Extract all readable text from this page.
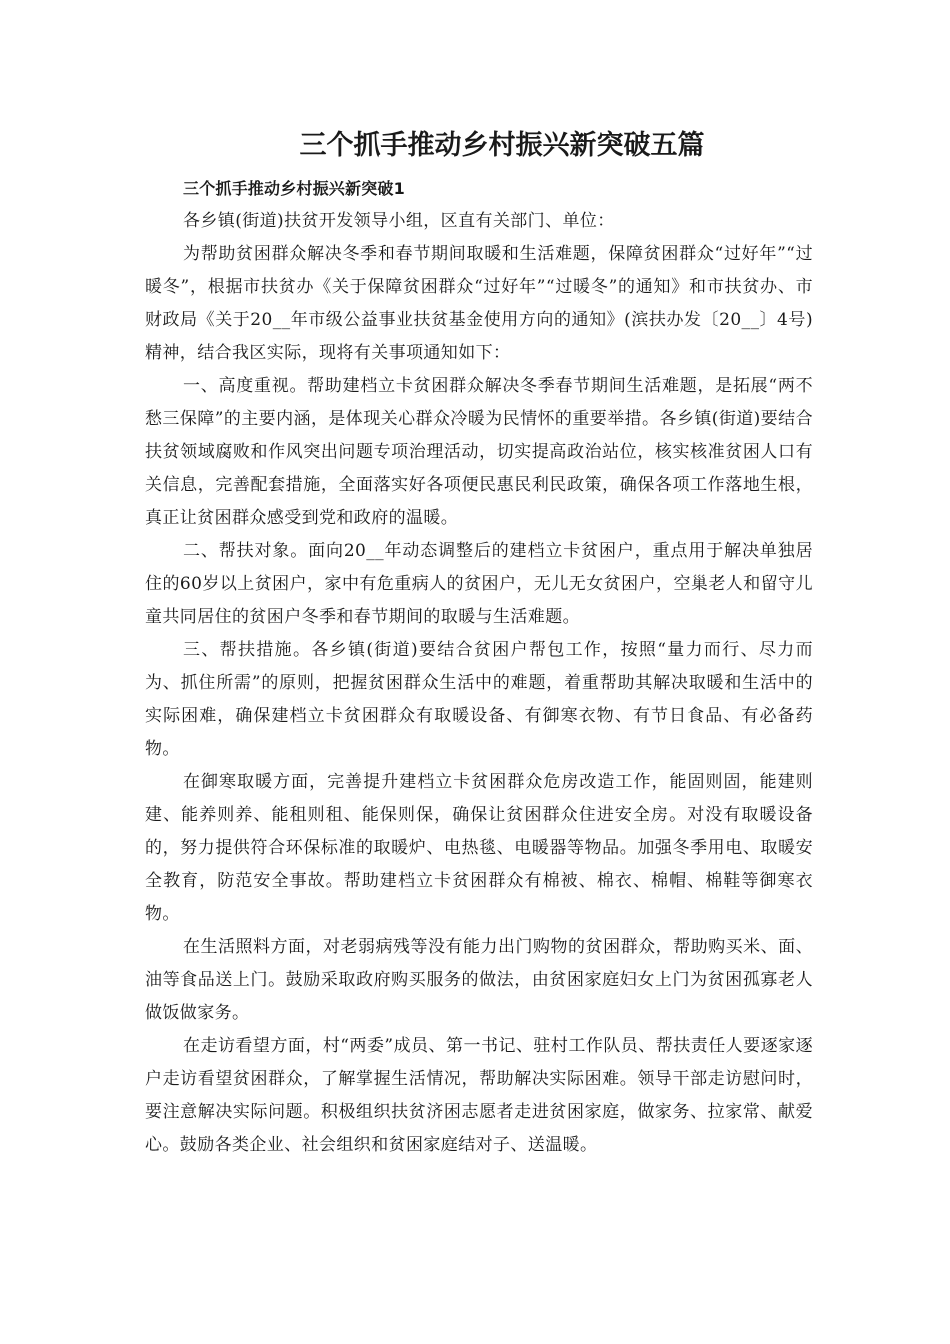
三个抓手推动乡村振兴新突破五篇

三个抓手推动乡村振兴新突破1

各乡镇(街道)扶贫开发领导小组，区直有关部门、单位：

为帮助贫困群众解决冬季和春节期间取暖和生活难题，保障贫困群众“过好年”“过暖冬”，根据市扶贫办《关于保障贫困群众“过好年”“过暖冬”的通知》和市扶贫办、市财政局《关于20__年市级公益事业扶贫基金使用方向的通知》(滨扶办发〔20__〕4号)精神，结合我区实际，现将有关事项通知如下：

一、高度重视。帮助建档立卡贫困群众解决冬季春节期间生活难题，是拓展“两不愁三保障”的主要内涵，是体现关心群众冷暖为民情怀的重要举措。各乡镇(街道)要结合扶贫领域腐败和作风突出问题专项治理活动，切实提高政治站位，核实核准贫困人口有关信息，完善配套措施，全面落实好各项便民惠民利民政策，确保各项工作落地生根，真正让贫困群众感受到党和政府的温暖。

二、帮扶对象。面向20__年动态调整后的建档立卡贫困户，重点用于解决单独居住的60岁以上贫困户，家中有危重病人的贫困户，无儿无女贫困户，空巢老人和留守儿童共同居住的贫困户冬季和春节期间的取暖与生活难题。

三、帮扶措施。各乡镇(街道)要结合贫困户帮包工作，按照“量力而行、尽力而为、抓住所需”的原则，把握贫困群众生活中的难题，着重帮助其解决取暖和生活中的实际困难，确保建档立卡贫困群众有取暖设备、有御寒衣物、有节日食品、有必备药物。

在御寒取暖方面，完善提升建档立卡贫困群众危房改造工作，能固则固，能建则建、能养则养、能租则租、能保则保，确保让贫困群众住进安全房。对没有取暖设备的，努力提供符合环保标准的取暖炉、电热毯、电暖器等物品。加强冬季用电、取暖安全教育，防范安全事故。帮助建档立卡贫困群众有棉被、棉衣、棉帽、棉鞋等御寒衣物。

在生活照料方面，对老弱病残等没有能力出门购物的贫困群众，帮助购买米、面、油等食品送上门。鼓励采取政府购买服务的做法，由贫困家庭妇女上门为贫困孤寡老人做饭做家务。

在走访看望方面，村“两委”成员、第一书记、驻村工作队员、帮扶责任人要逐家逐户走访看望贫困群众，了解掌握生活情况，帮助解决实际困难。领导干部走访慰问时，要注意解决实际问题。积极组织扶贫济困志愿者走进贫困家庭，做家务、拉家常、献爱心。鼓励各类企业、社会组织和贫困家庭结对子、送温暖。
